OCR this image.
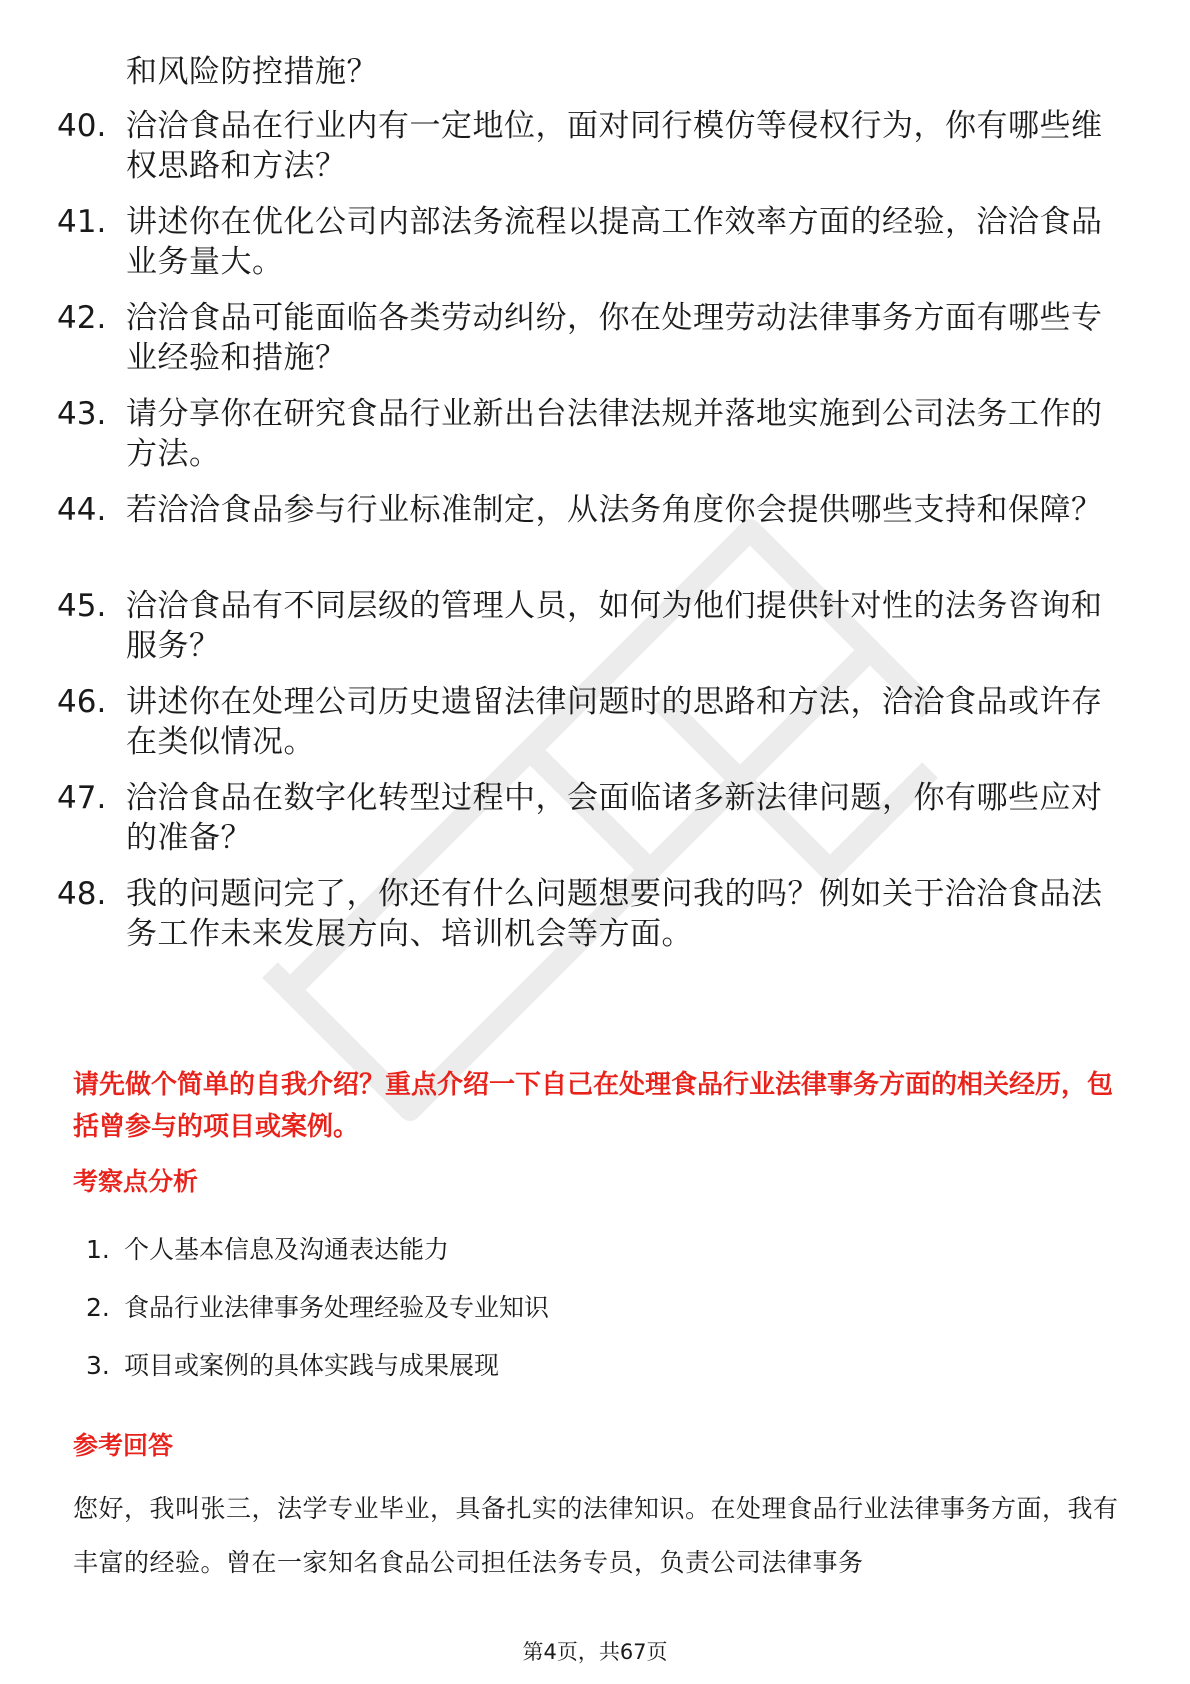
和风险防控措施？
40. 洽洽食品在行业内有一定地位，面对同行模仿等侵权行为，你有哪些维权思路和方法？
41. 讲述你在优化公司内部法务流程以提高工作效率方面的经验，洽洽食品业务量大。
42. 洽洽食品可能面临各类劳动纠纷，你在处理劳动法律事务方面有哪些专业经验和措施？
43. 请分享你在研究食品行业新出台法律法规并落地实施到公司法务工作的方法。
44. 若洽洽食品参与行业标准制定，从法务角度你会提供哪些支持和保障？
45. 洽洽食品有不同层级的管理人员，如何为他们提供针对性的法务咨询和服务？
46. 讲述你在处理公司历史遗留法律问题时的思路和方法，洽洽食品或许存在类似情况。
47. 洽洽食品在数字化转型过程中，会面临诸多新法律问题，你有哪些应对的准备？
48. 我的问题问完了，你还有什么问题想要问我的吗？例如关于洽洽食品法务工作未来发展方向、培训机会等方面。
请先做个简单的自我介绍？重点介绍一下自己在处理食品行业法律事务方面的相关经历，包括曾参与的项目或案例。
考察点分析
1. 个人基本信息及沟通表达能力
2. 食品行业法律事务处理经验及专业知识
3. 项目或案例的具体实践与成果展现
参考回答
您好，我叫张三，法学专业毕业，具备扎实的法律知识。在处理食品行业法律事务方面，我有丰富的经验。曾在一家知名食品公司担任法务专员，负责公司法律事务
第4页，共67页
